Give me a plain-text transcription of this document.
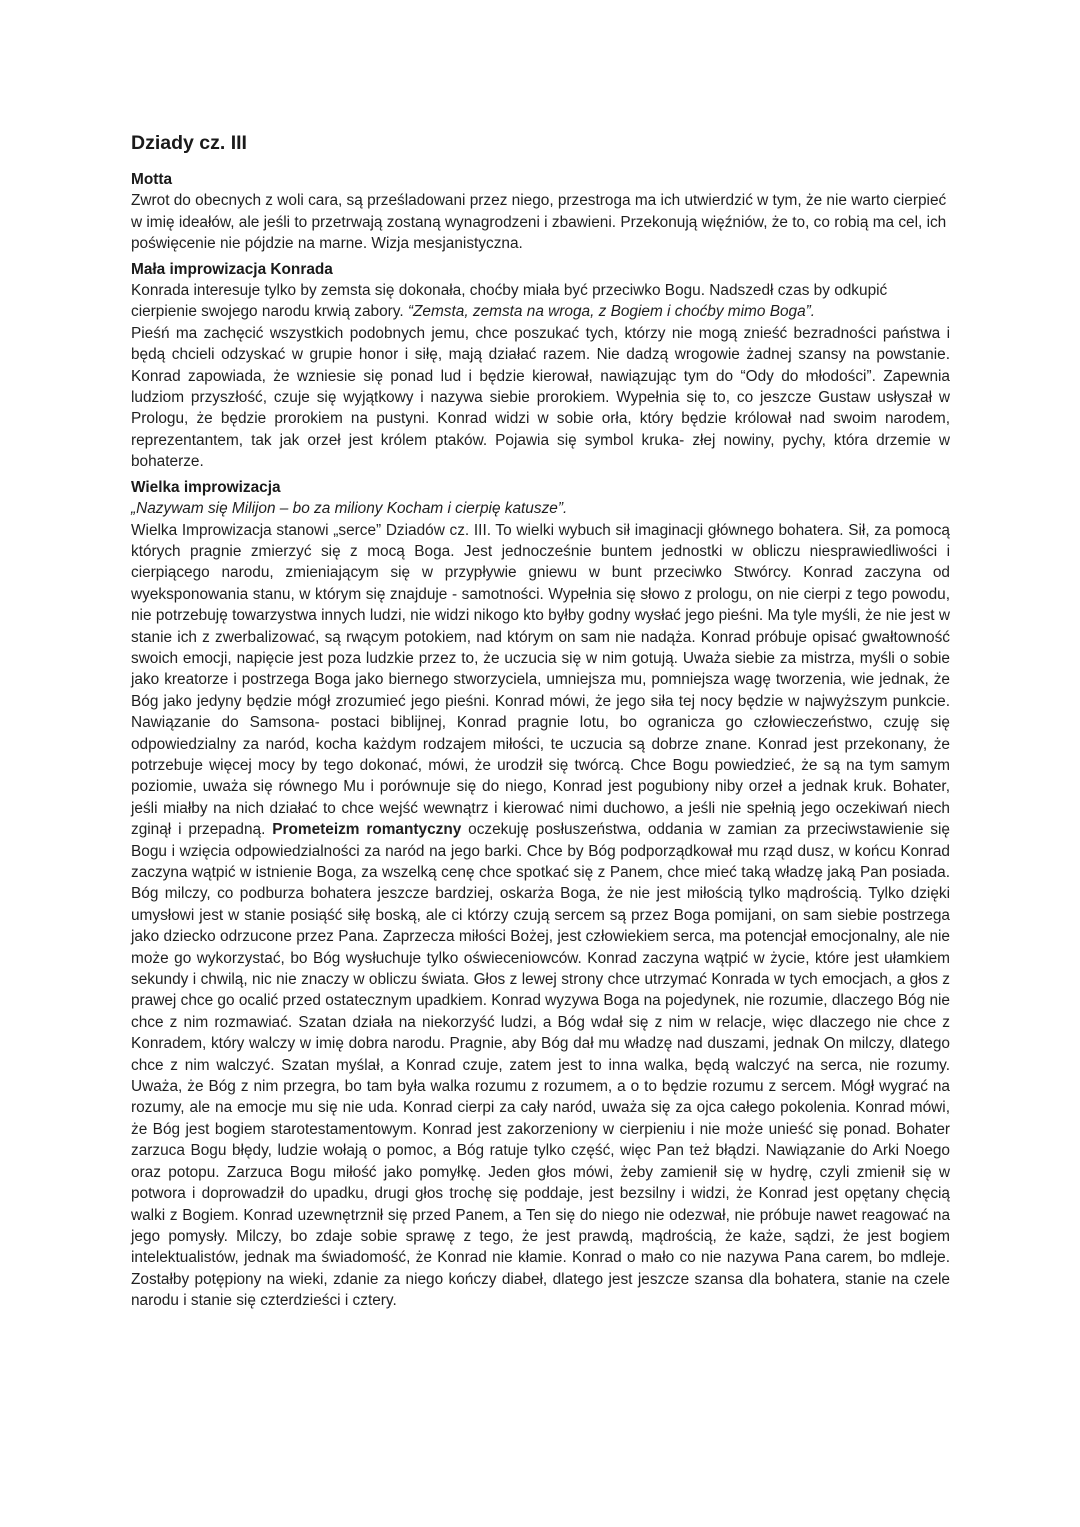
Dziady cz. III
Motta

Zwrot do obecnych z woli cara, są prześladowani przez niego, przestroga ma ich utwierdzić w tym, że nie warto cierpieć w imię ideałów, ale jeśli to przetrwają zostaną wynagrodzeni i zbawieni. Przekonują więźniów, że to, co robią ma cel, ich poświęcenie nie pójdzie na marne. Wizja mesjanistyczna.

Mała improwizacja Konrada

Konrada interesuje tylko by zemsta się dokonała, choćby miała być przeciwko Bogu. Nadszedł czas by odkupić cierpienie swojego narodu krwią zabory. “Zemsta, zemsta na wroga, z Bogiem i choćby mimo Boga”.

Pieśń ma zachęcić wszystkich podobnych jemu, chce poszukać tych, którzy nie mogą znieść bezradności państwa i będą chcieli odzyskać w grupie honor i siłę, mają działać razem. Nie dadzą wrogowie żadnej szansy na powstanie. Konrad zapowiada, że wzniesie się ponad lud i będzie kierował, nawiązując tym do “Ody do młodości”. Zapewnia ludziom przyszłość, czuje się wyjątkowy i nazywa siebie prorokiem. Wypełnia się to, co jeszcze Gustaw usłyszał w Prologu, że będzie prorokiem na pustyni. Konrad widzi w sobie orła, który będzie królował nad swoim narodem, reprezentantem, tak jak orzeł jest królem ptaków. Pojawia się symbol kruka- złej nowiny, pychy, która drzemie w bohaterze.

Wielka improwizacja

„Nazywam się Milijon – bo za miliony Kocham i cierpię katusze”.

Wielka Improwizacja stanowi „serce” Dziadów cz. III. To wielki wybuch sił imaginacji głównego bohatera. Sił, za pomocą których pragnie zmierzyć się z mocą Boga. Jest jednocześnie buntem jednostki w obliczu niesprawiedliwości i cierpiącego narodu, zmieniającym się w przypływie gniewu w bunt przeciwko Stwórcy. Konrad zaczyna od wyeksponowania stanu, w którym się znajduje - samotności. Wypełnia się słowo z prologu, on nie cierpi z tego powodu, nie potrzebuję towarzystwa innych ludzi, nie widzi nikogo kto byłby godny wysłać jego pieśni. Ma tyle myśli, że nie jest w stanie ich z zwerbalizować, są rwącym potokiem, nad którym on sam nie nadąża. Konrad próbuje opisać gwałtowność swoich emocji, napięcie jest poza ludzkie przez to, że uczucia się w nim gotują. Uważa siebie za mistrza, myśli o sobie jako kreatorze i postrzega Boga jako biernego stworzyciela, umniejsza mu, pomniejsza wagę tworzenia, wie jednak, że Bóg jako jedyny będzie mógł zrozumieć jego pieśni. Konrad mówi, że jego siła tej nocy będzie w najwyższym punkcie. Nawiązanie do Samsona- postaci biblijnej, Konrad pragnie lotu, bo ogranicza go człowieczeństwo, czuję się odpowiedzialny za naród, kocha każdym rodzajem miłości, te uczucia są dobrze znane. Konrad jest przekonany, że potrzebuje więcej mocy by tego dokonać, mówi, że urodził się twórcą. Chce Bogu powiedzieć, że są na tym samym poziomie, uważa się równego Mu i porównuje się do niego, Konrad jest pogubiony niby orzeł a jednak kruk. Bohater, jeśli miałby na nich działać to chce wejść wewnątrz i kierować nimi duchowo, a jeśli nie spełnią jego oczekiwań niech zginął i przepadną. Prometeizm romantyczny oczekuję posłuszeństwa, oddania w zamian za przeciwstawienie się Bogu i wzięcia odpowiedzialności za naród na jego barki. Chce by Bóg podporządkował mu rząd dusz, w końcu Konrad zaczyna wątpić w istnienie Boga, za wszelką cenę chce spotkać się z Panem, chce mieć taką władzę jaką Pan posiada. Bóg milczy, co podburza bohatera jeszcze bardziej, oskarża Boga, że nie jest miłością tylko mądrością. Tylko dzięki umysłowi jest w stanie posiąść siłę boską, ale ci którzy czują sercem są przez Boga pomijani, on sam siebie postrzega jako dziecko odrzucone przez Pana. Zaprzecza miłości Bożej, jest człowiekiem serca, ma potencjał emocjonalny, ale nie może go wykorzystać, bo Bóg wysłuchuje tylko oświeceniowców. Konrad zaczyna wątpić w życie, które jest ułamkiem sekundy i chwilą, nic nie znaczy w obliczu świata. Głos z lewej strony chce utrzymać Konrada w tych emocjach, a głos z prawej chce go ocalić przed ostatecznym upadkiem. Konrad wyzywa Boga na pojedynek, nie rozumie, dlaczego Bóg nie chce z nim rozmawiać. Szatan działa na niekorzyść ludzi, a Bóg wdał się z nim w relacje, więc dlaczego nie chce z Konradem, który walczy w imię dobra narodu. Pragnie, aby Bóg dał mu władzę nad duszami, jednak On milczy, dlatego chce z nim walczyć. Szatan myślał, a Konrad czuje, zatem jest to inna walka, będą walczyć na serca, nie rozumy. Uważa, że Bóg z nim przegra, bo tam była walka rozumu z rozumem, a o to będzie rozumu z sercem. Mógł wygrać na rozumy, ale na emocje mu się nie uda. Konrad cierpi za cały naród, uważa się za ojca całego pokolenia. Konrad mówi, że Bóg jest bogiem starotestamentowym. Konrad jest zakorzeniony w cierpieniu i nie może unieść się ponad. Bohater zarzuca Bogu błędy, ludzie wołają o pomoc, a Bóg ratuje tylko część, więc Pan też błądzi. Nawiązanie do Arki Noego oraz potopu. Zarzuca Bogu miłość jako pomyłkę. Jeden głos mówi, żeby zamienił się w hydrę, czyli zmienił się w potwora i doprowadził do upadku, drugi głos trochę się poddaje, jest bezsilny i widzi, że Konrad jest opętany chęcią walki z Bogiem. Konrad uzewnętrznił się przed Panem, a Ten się do niego nie odezwał, nie próbuje nawet reagować na jego pomysły. Milczy, bo zdaje sobie sprawę z tego, że jest prawdą, mądrością, że każe, sądzi, że jest bogiem intelektualistów, jednak ma świadomość, że Konrad nie kłamie. Konrad o mało co nie nazywa Pana carem, bo mdleje. Zostałby potępiony na wieki, zdanie za niego kończy diabeł, dlatego jest jeszcze szansa dla bohatera, stanie na czele narodu i stanie się czterdzieści i cztery.
